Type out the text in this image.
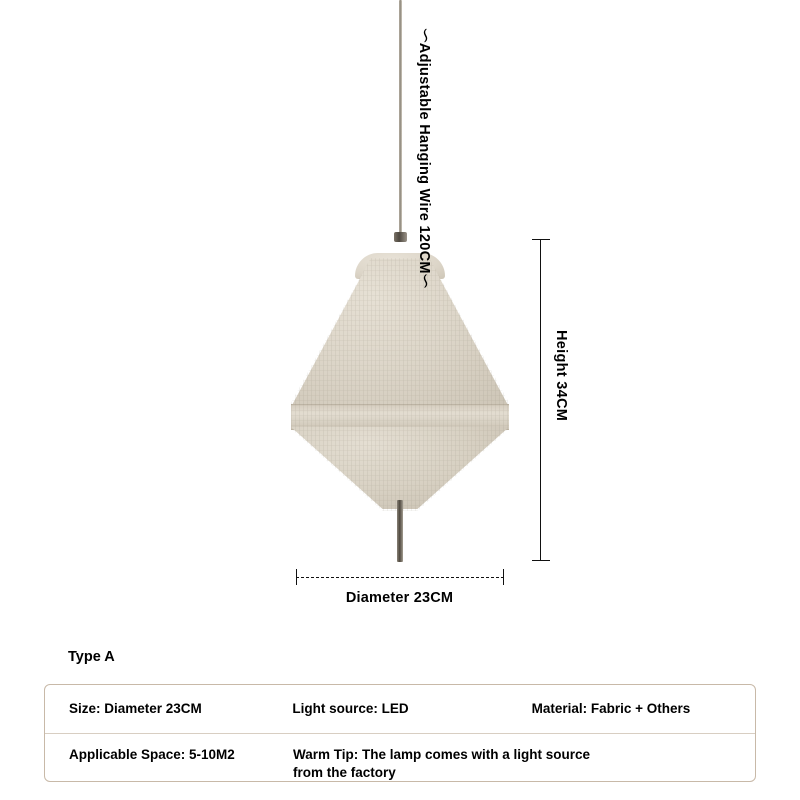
〜Adjustable Hanging Wire 120CM〜
Height 34CM
Diameter 23CM
Type A
Size: Diameter 23CM	Light source: LED	Material: Fabric + Others
Applicable Space: 5-10M2	Warm Tip: The lamp comes with a light source from the factory
